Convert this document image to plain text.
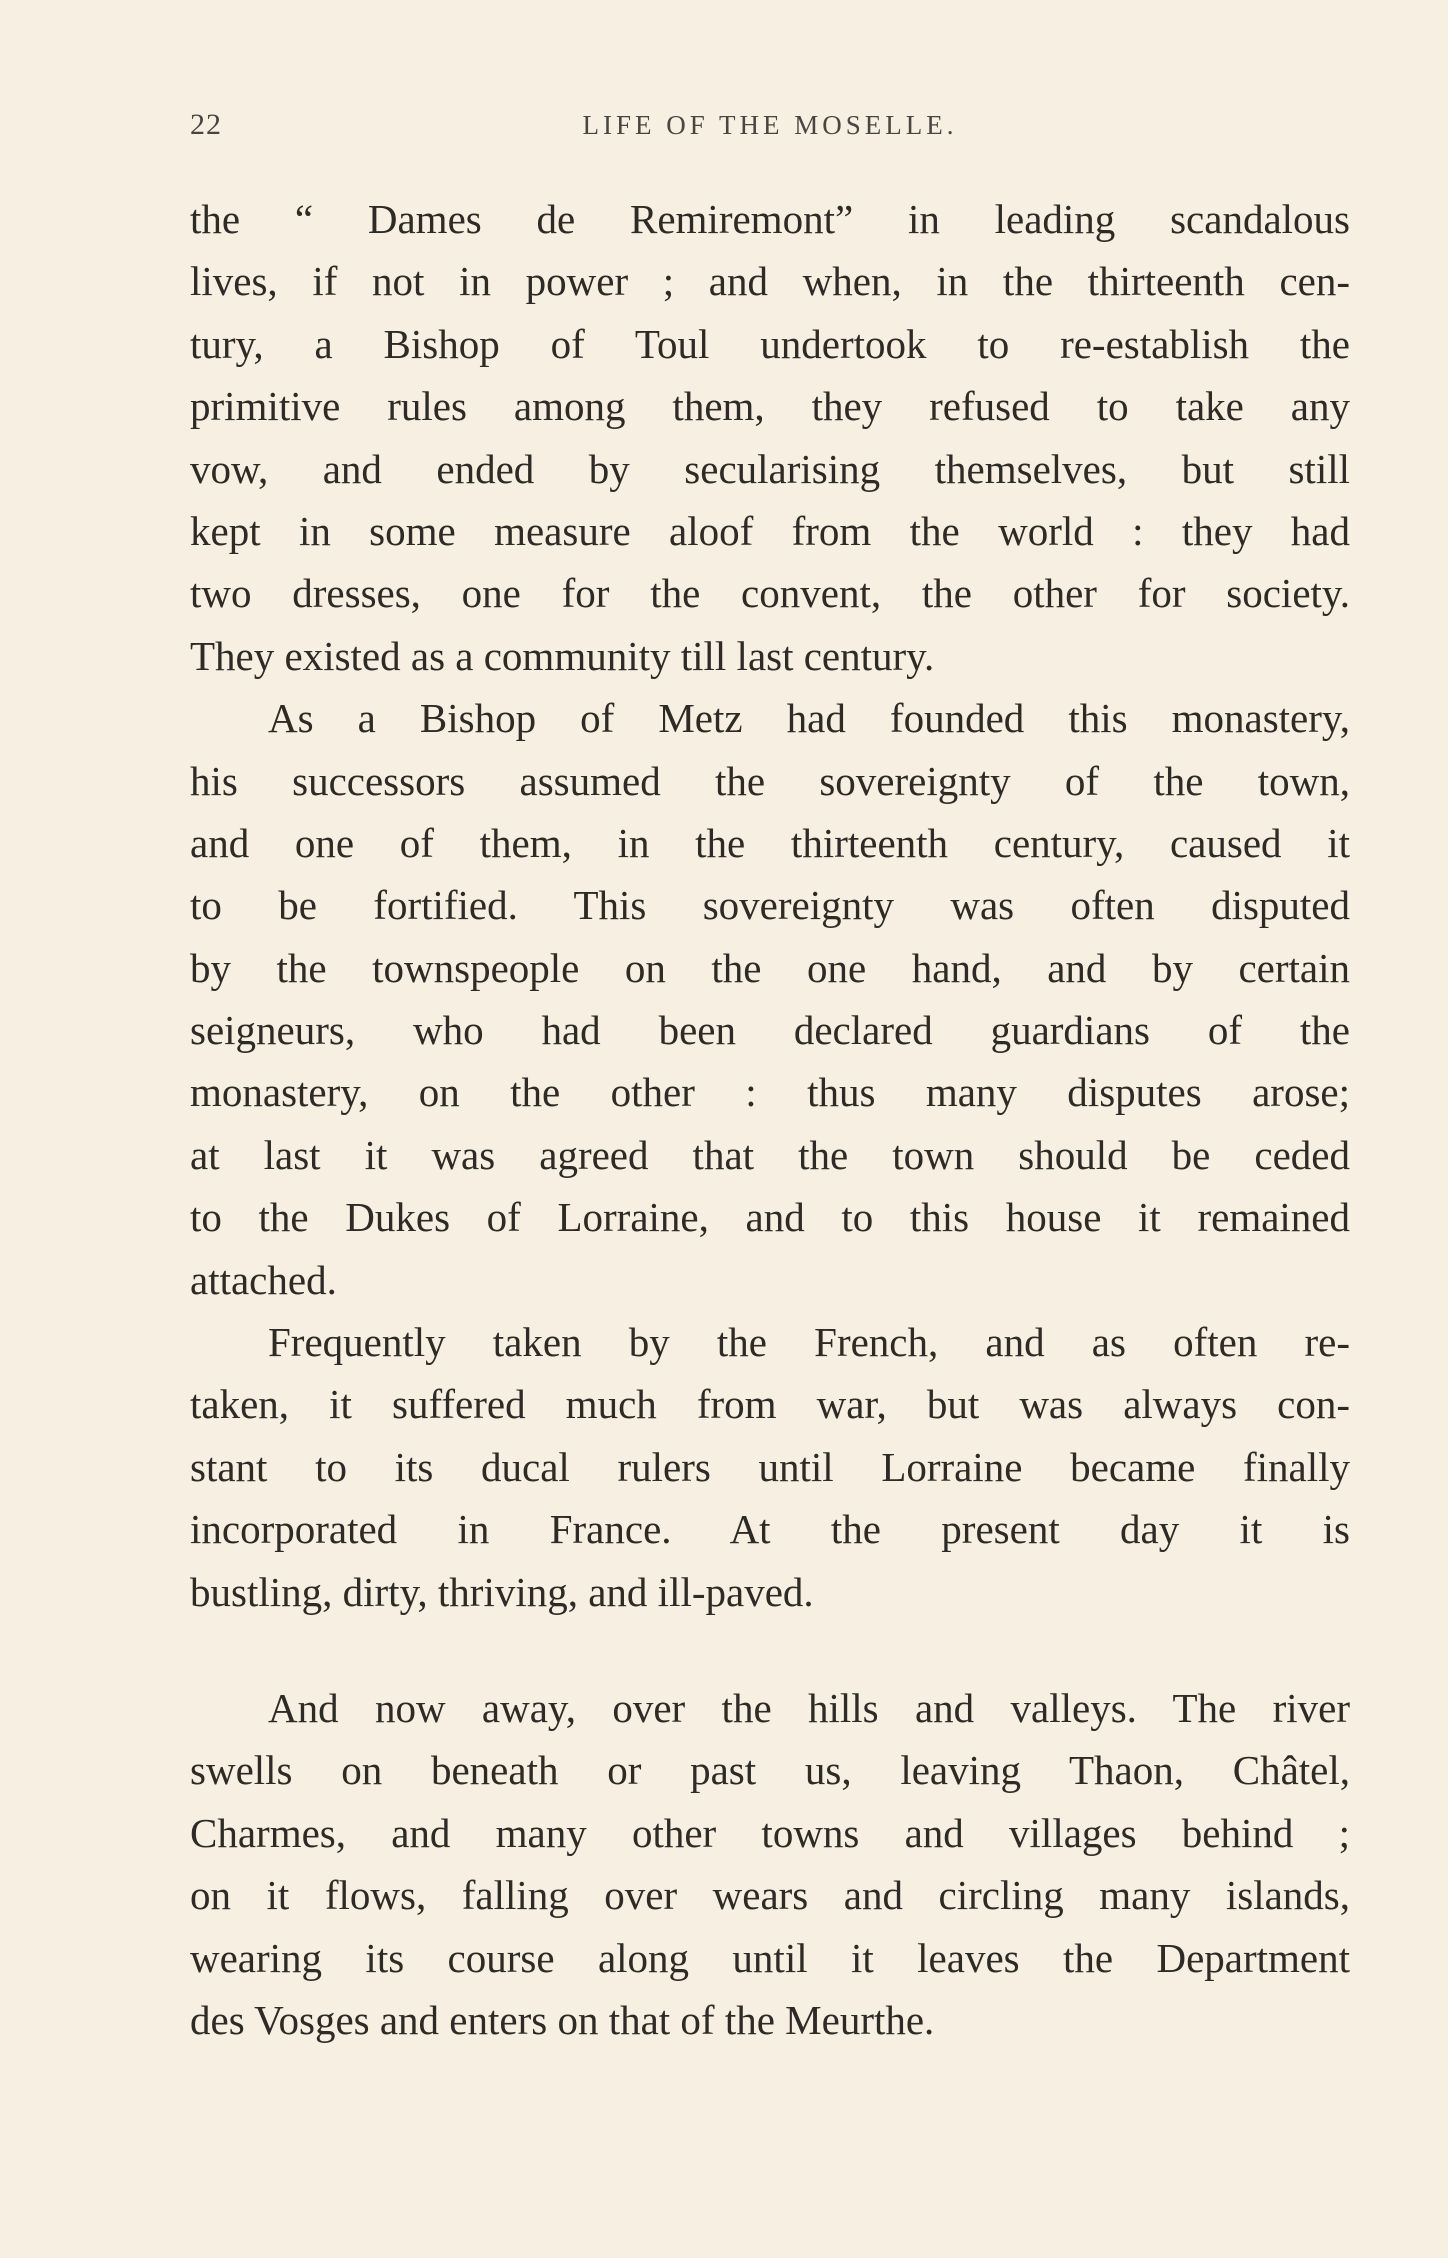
22	LIFE OF THE MOSELLE.

the “ Dames de Remiremont” in leading scandalous
lives, if not in power ; and when, in the thirteenth cen-
tury, a Bishop of Toul undertook to re-establish the
primitive rules among them, they refused to take any
vow, and ended by secularising themselves, but still
kept in some measure aloof from the world : they had
two dresses, one for the convent, the other for society.
They existed as a community till last century.

As a Bishop of Metz had founded this monastery,
his successors assumed the sovereignty of the town,
and one of them, in the thirteenth century, caused it
to be fortified. This sovereignty was often disputed
by the townspeople on the one hand, and by certain
seigneurs, who had been declared guardians of the
monastery, on the other : thus many disputes arose;
at last it was agreed that the town should be ceded
to the Dukes of Lorraine, and to this house it remained
attached.

Frequently taken by the French, and as often re-
taken, it suffered much from war, but was always con-
stant to its ducal rulers until Lorraine became finally
incorporated in France. At the present day it is
bustling, dirty, thriving, and ill-paved.

And now away, over the hills and valleys. The river
swells on beneath or past us, leaving Thaon, Châtel,
Charmes, and many other towns and villages behind ;
on it flows, falling over wears and circling many islands,
wearing its course along until it leaves the Department
des Vosges and enters on that of the Meurthe.
